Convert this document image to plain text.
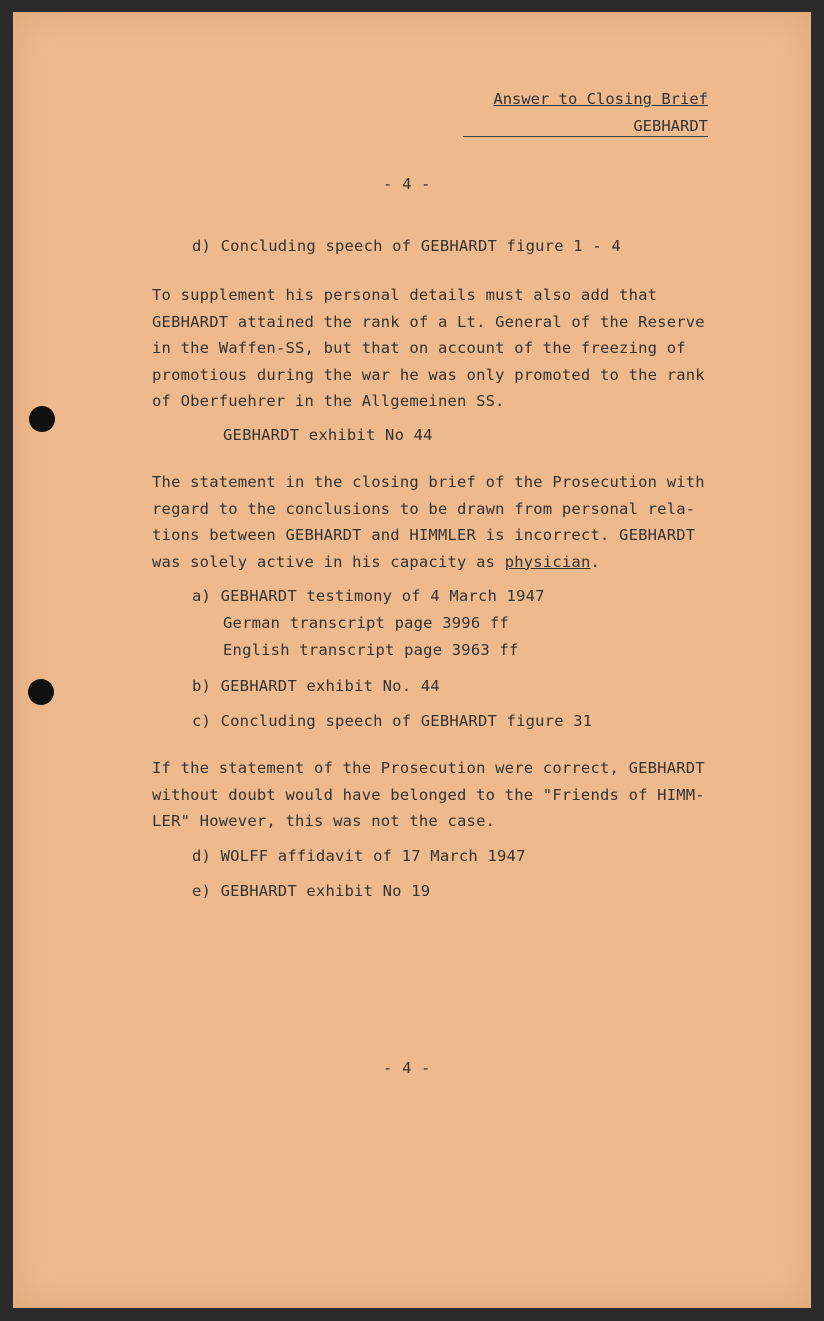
Answer to Closing Brief
GEBHARDT
- 4 -
d) Concluding speech of GEBHARDT figure 1 - 4

To supplement his personal details must also add that
GEBHARDT attained the rank of a Lt. General of the Reserve
in the Waffen-SS, but that on account of the freezing of
promotious during the war he was only promoted to the rank
of Oberfuehrer in the Allgemeinen SS.

GEBHARDT exhibit No 44

The statement in the closing brief of the Prosecution with
regard to the conclusions to be drawn from personal rela-
tions between GEBHARDT and HIMMLER is incorrect. GEBHARDT
was solely active in his capacity as physician.

a) GEBHARDT testimony of 4 March 1947
German transcript page 3996 ff
English transcript page 3963 ff
b) GEBHARDT exhibit No. 44
c) Concluding speech of GEBHARDT figure 31

If the statement of the Prosecution were correct, GEBHARDT
without doubt would have belonged to the "Friends of HIMM-
LER" However, this was not the case.

d) WOLFF affidavit of 17 March 1947
e) GEBHARDT exhibit No 19
- 4 -
